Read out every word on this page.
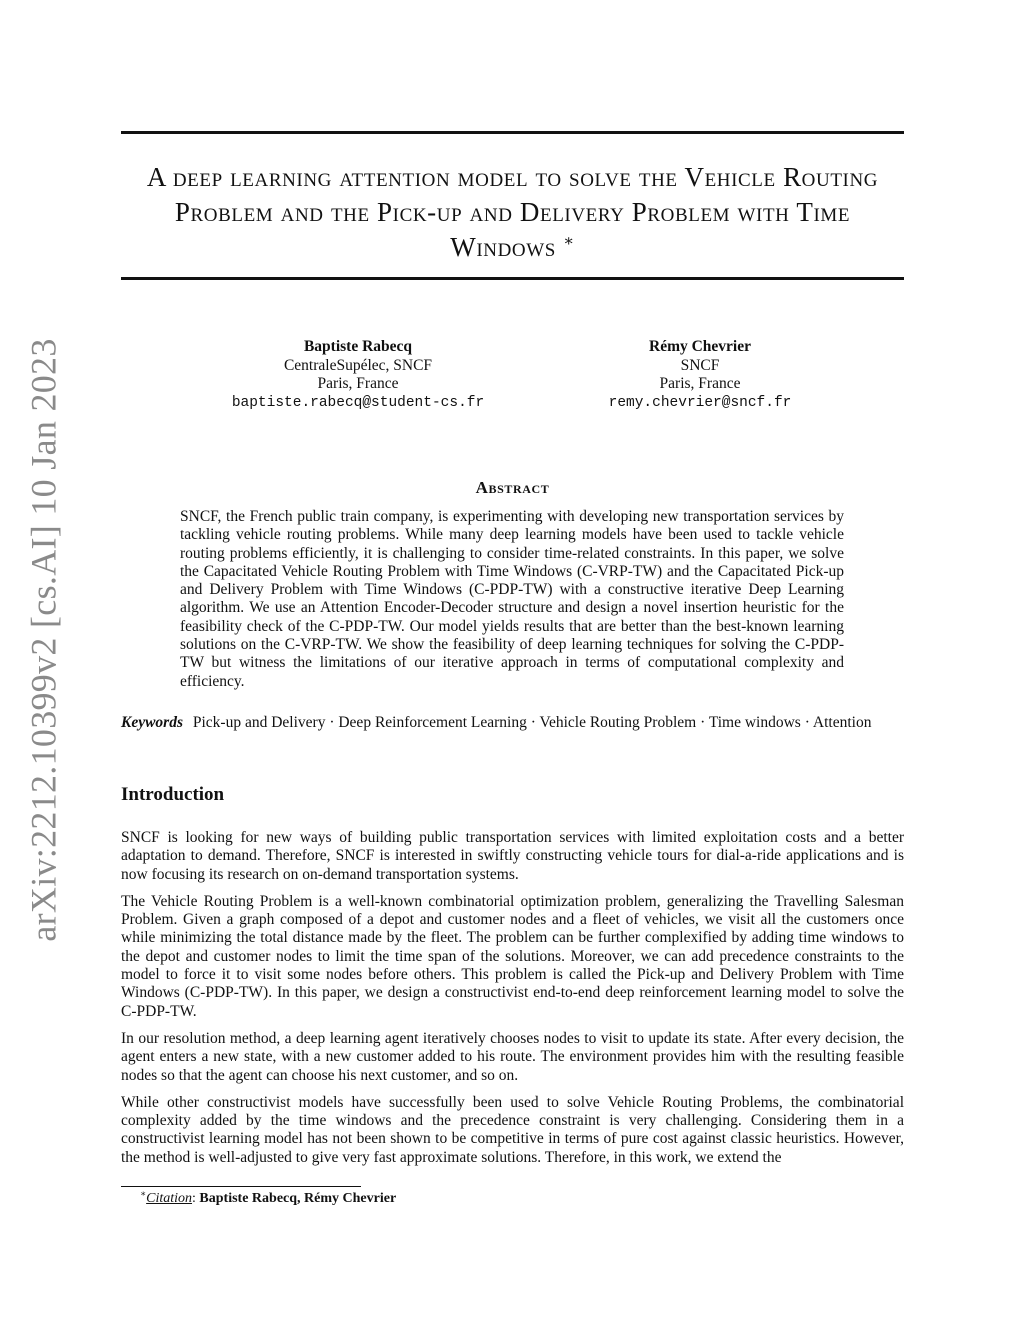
arXiv:2212.10399v2 [cs.AI] 10 Jan 2023
A deep learning attention model to solve the Vehicle Routing Problem and the Pick-up and Delivery Problem with Time Windows ∗
Baptiste Rabecq
CentraleSupélec, SNCF
Paris, France
baptiste.rabecq@student-cs.fr
Rémy Chevrier
SNCF
Paris, France
remy.chevrier@sncf.fr
Abstract
SNCF, the French public train company, is experimenting with developing new transportation services by tackling vehicle routing problems. While many deep learning models have been used to tackle vehicle routing problems efficiently, it is challenging to consider time-related constraints. In this paper, we solve the Capacitated Vehicle Routing Problem with Time Windows (C-VRP-TW) and the Capacitated Pick-up and Delivery Problem with Time Windows (C-PDP-TW) with a constructive iterative Deep Learning algorithm. We use an Attention Encoder-Decoder structure and design a novel insertion heuristic for the feasibility check of the C-PDP-TW. Our model yields results that are better than the best-known learning solutions on the C-VRP-TW. We show the feasibility of deep learning techniques for solving the C-PDP-TW but witness the limitations of our iterative approach in terms of computational complexity and efficiency.
Keywords Pick-up and Delivery · Deep Reinforcement Learning · Vehicle Routing Problem · Time windows · Attention
Introduction

SNCF is looking for new ways of building public transportation services with limited exploitation costs and a better adaptation to demand. Therefore, SNCF is interested in swiftly constructing vehicle tours for dial-a-ride applications and is now focusing its research on on-demand transportation systems.

The Vehicle Routing Problem is a well-known combinatorial optimization problem, generalizing the Travelling Salesman Problem. Given a graph composed of a depot and customer nodes and a fleet of vehicles, we visit all the customers once while minimizing the total distance made by the fleet. The problem can be further complexified by adding time windows to the depot and customer nodes to limit the time span of the solutions. Moreover, we can add precedence constraints to the model to force it to visit some nodes before others. This problem is called the Pick-up and Delivery Problem with Time Windows (C-PDP-TW). In this paper, we design a constructivist end-to-end deep reinforcement learning model to solve the C-PDP-TW.

In our resolution method, a deep learning agent iteratively chooses nodes to visit to update its state. After every decision, the agent enters a new state, with a new customer added to his route. The environment provides him with the resulting feasible nodes so that the agent can choose his next customer, and so on.

While other constructivist models have successfully been used to solve Vehicle Routing Problems, the combinatorial complexity added by the time windows and the precedence constraint is very challenging. Considering them in a constructivist learning model has not been shown to be competitive in terms of pure cost against classic heuristics. However, the method is well-adjusted to give very fast approximate solutions. Therefore, in this work, we extend the

∗Citation: Baptiste Rabecq, Rémy Chevrier
